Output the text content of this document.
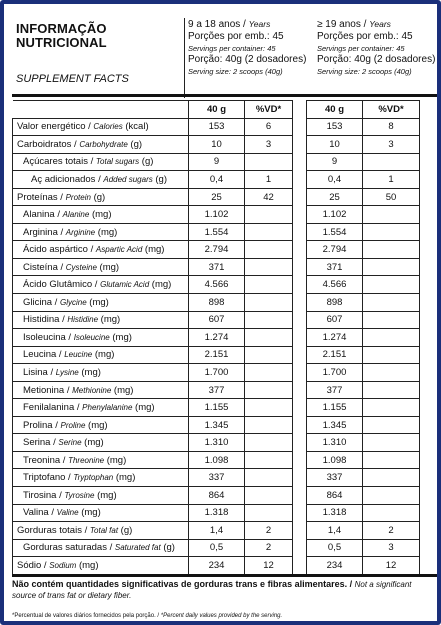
INFORMAÇÃO
NUTRICIONAL
SUPPLEMENT FACTS
9 a 18 anos / Years
Porções por emb.: 45
Servings per container: 45
Porção: 40g (2 dosadores)
Serving size: 2 scoops (40g)
≥ 19 anos / Years
Porções por emb.: 45
Servings per container: 45
Porção: 40g (2 dosadores)
Serving size: 2 scoops (40g)
	40 g	%VD*		40 g	%VD*
Valor energético / Calories (kcal)	153	6		153	8
Carboidratos / Carbohydrate (g)	10	3		10	3
Açúcares totais / Total sugars (g)	9			9	
Aç adicionados / Added sugars (g)	0,4	1		0,4	1
Proteínas / Protein (g)	25	42		25	50
Alanina / Alanine (mg)	1.102			1.102	
Arginina / Arginine (mg)	1.554			1.554	
Ácido aspártico / Aspartic Acid (mg)	2.794			2.794	
Cisteína / Cysteine (mg)	371			371	
Ácido Glutâmico / Glutamic Acid (mg)	4.566			4.566	
Glicina / Glycine (mg)	898			898	
Histidina / Histidine (mg)	607			607	
Isoleucina / Isoleucine (mg)	1.274			1.274	
Leucina / Leucine (mg)	2.151			2.151	
Lisina / Lysine (mg)	1.700			1.700	
Metionina / Methionine (mg)	377			377	
Fenilalanina / Phenylalanine (mg)	1.155			1.155	
Prolina / Proline (mg)	1.345			1.345	
Serina / Serine (mg)	1.310			1.310	
Treonina / Threonine (mg)	1.098			1.098	
Triptofano / Tryptophan (mg)	337			337	
Tirosina / Tyrosine (mg)	864			864	
Valina / Valine (mg)	1.318			1.318	
Gorduras totais / Total fat (g)	1,4	2		1,4	2
Gorduras saturadas / Saturated fat (g)	0,5	2		0,5	3
Sódio / Sodium (mg)	234	12		234	12
Não contém quantidades significativas de gorduras trans e fibras alimentares. / Not a significant source of trans fat or dietary fiber.
*Percentual de valores diários fornecidos pela porção. / *Percent daily values provided by the serving.
